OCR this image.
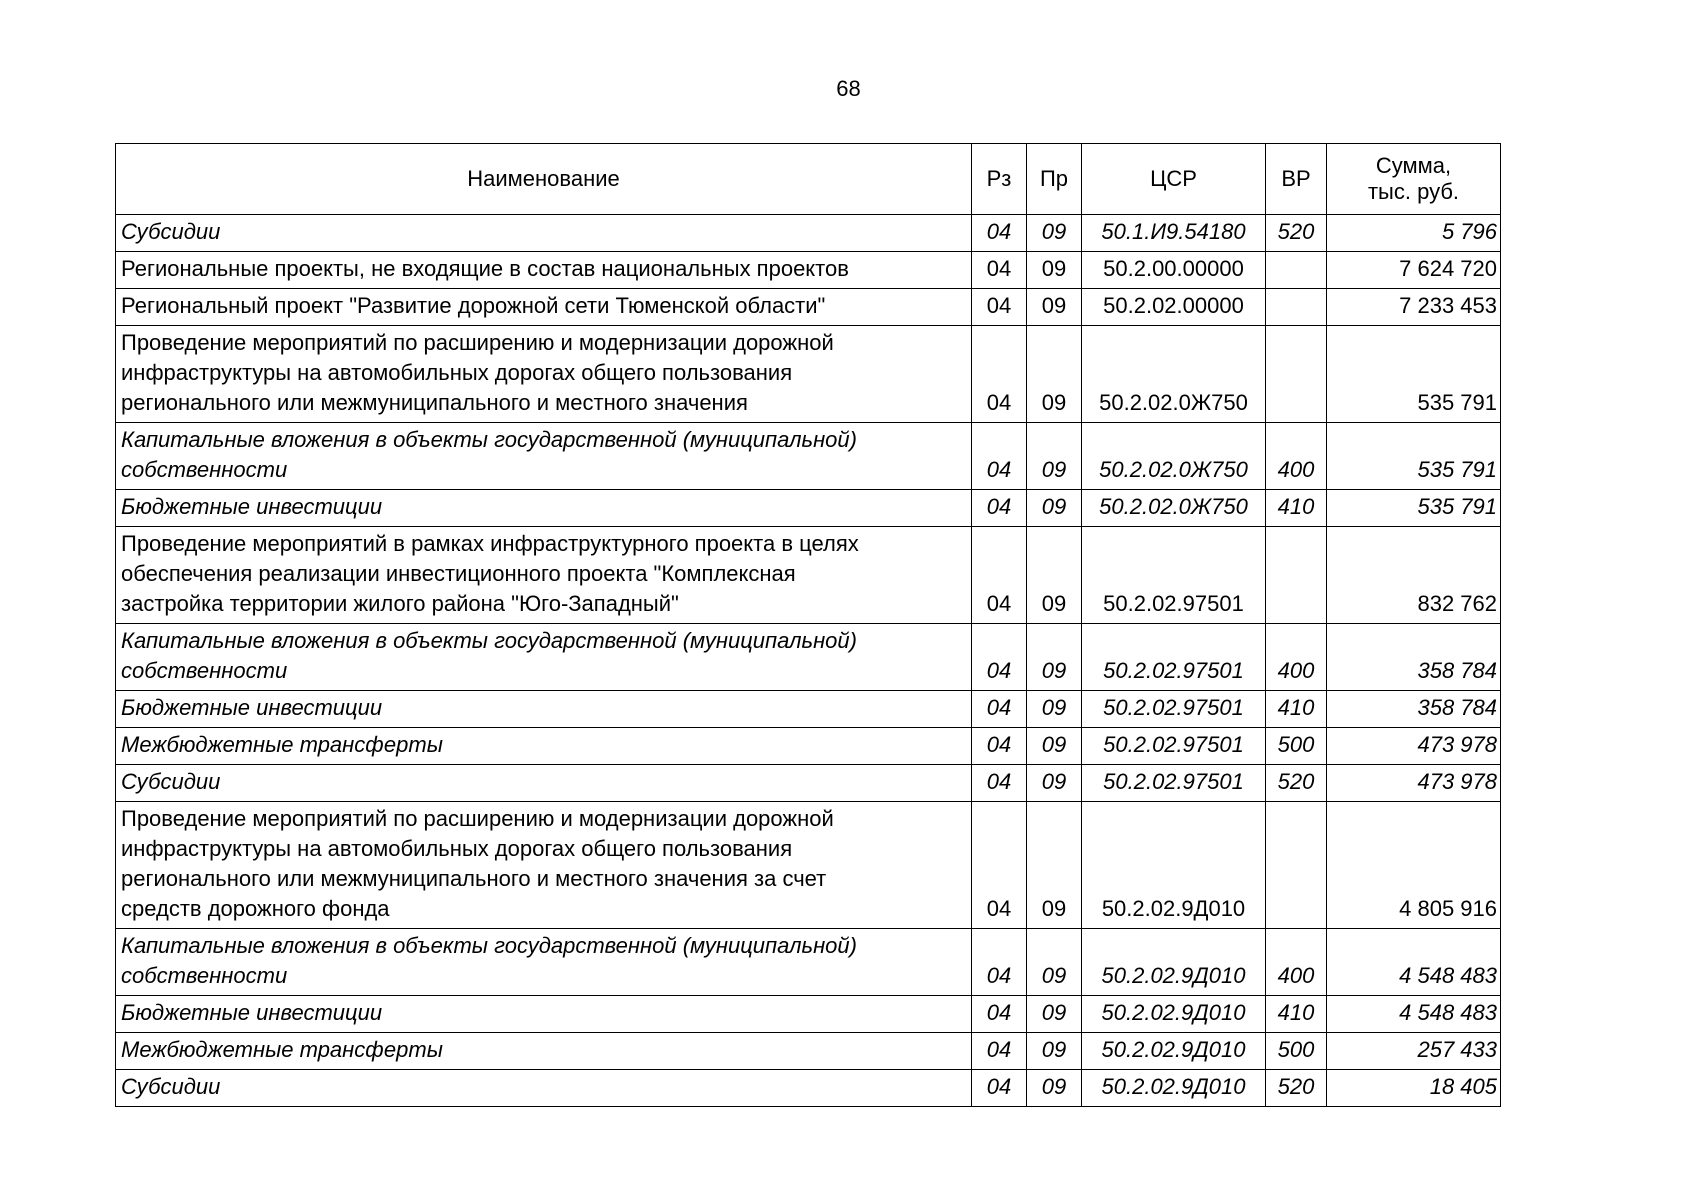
68
Наименование	Рз	Пр	ЦСР	ВР	Сумма,
тыс. руб.
Субсидии	04	09	50.1.И9.54180	520	5 796
Региональные проекты, не входящие в состав национальных проектов	04	09	50.2.00.00000		7 624 720
Региональный проект "Развитие дорожной сети Тюменской области"	04	09	50.2.02.00000		7 233 453
Проведение мероприятий по расширению и модернизации дорожной
инфраструктуры на автомобильных дорогах общего пользования
регионального или межмуниципального и местного значения	04	09	50.2.02.0Ж750		535 791
Капитальные вложения в объекты государственной (муниципальной)
собственности	04	09	50.2.02.0Ж750	400	535 791
Бюджетные инвестиции	04	09	50.2.02.0Ж750	410	535 791
Проведение мероприятий в рамках инфраструктурного проекта в целях
обеспечения реализации инвестиционного проекта "Комплексная
застройка территории жилого района "Юго-Западный"	04	09	50.2.02.97501		832 762
Капитальные вложения в объекты государственной (муниципальной)
собственности	04	09	50.2.02.97501	400	358 784
Бюджетные инвестиции	04	09	50.2.02.97501	410	358 784
Межбюджетные трансферты	04	09	50.2.02.97501	500	473 978
Субсидии	04	09	50.2.02.97501	520	473 978
Проведение мероприятий по расширению и модернизации дорожной
инфраструктуры на автомобильных дорогах общего пользования
регионального или межмуниципального и местного значения за счет
средств дорожного фонда	04	09	50.2.02.9Д010		4 805 916
Капитальные вложения в объекты государственной (муниципальной)
собственности	04	09	50.2.02.9Д010	400	4 548 483
Бюджетные инвестиции	04	09	50.2.02.9Д010	410	4 548 483
Межбюджетные трансферты	04	09	50.2.02.9Д010	500	257 433
Субсидии	04	09	50.2.02.9Д010	520	18 405
